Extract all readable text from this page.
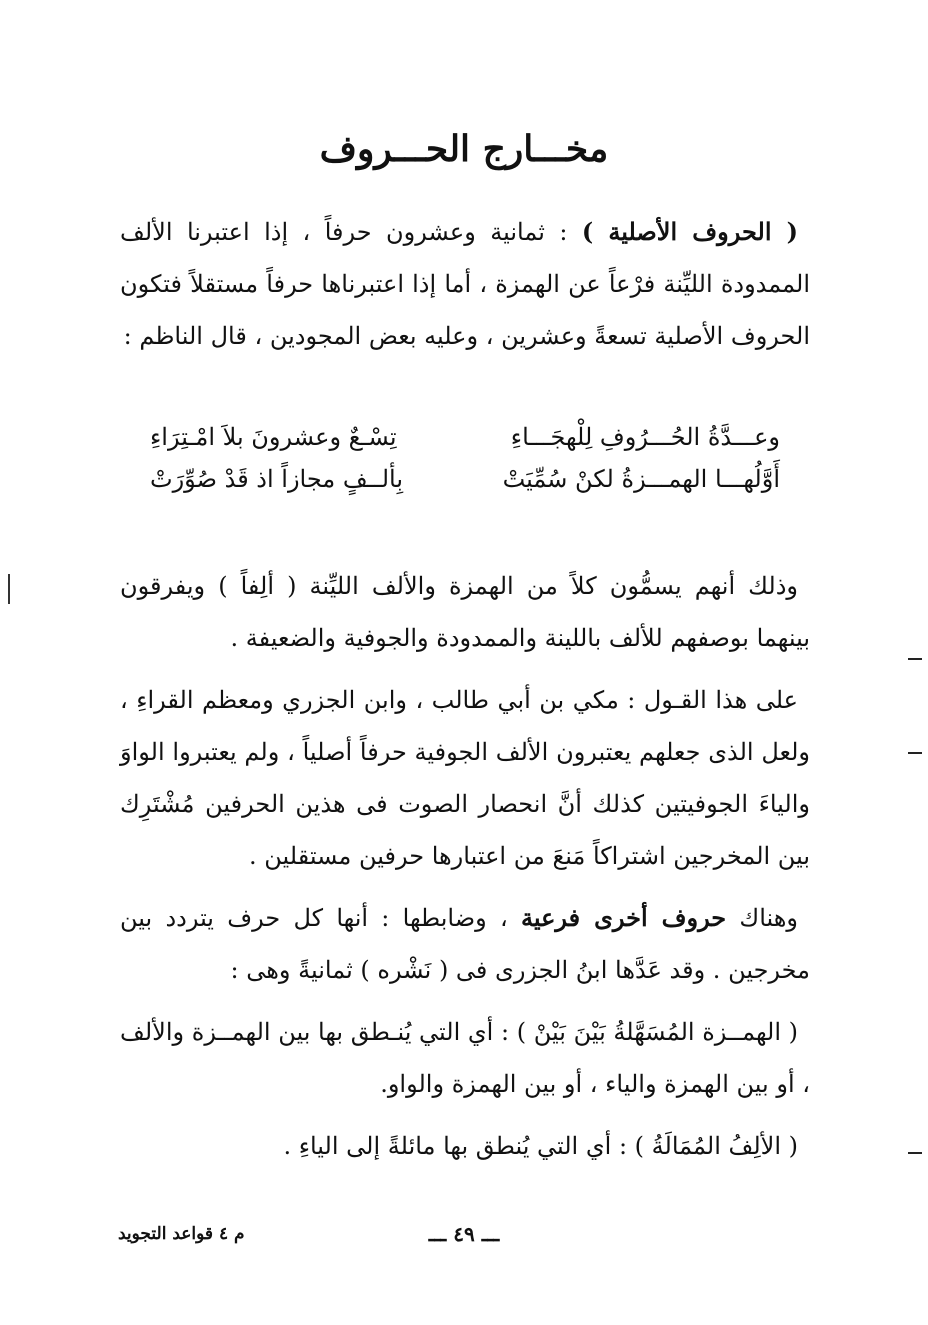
مخـــارج الحـــروف

( الحروف الأصلية ) : ثمانية وعشرون حرفاً ، إذا اعتبرنا الألف الممدودة الليِّنة فرْعاً عن الهمزة ، أما إذا اعتبرناها حرفاً مستقلاً فتكون الحروف الأصلية تسعةً وعشرين ، وعليه بعض المجودين ، قال الناظم :

وعـــدَّةُ الحُـــرُوفِ لِلْهجَـــاءِ
تِسْـعٌ وعشرونَ بلاَ امْـتِرَاءِ
أَوَّلُهـــا الهمـــزةُ لكنْ سُمِّيَتْ
بِألــفٍ مجازاً اذ قَدْ صُوِّرَتْ

وذلك أنهم يسمُّون كلاً من الهمزة والألف الليِّنة ( ألِفاً ) ويفرقون بينهما بوصفهم للألف باللينة والممدودة والجوفية والضعيفة .

على هذا القـول : مكي بن أبي طالب ، وابن الجزري ومعظم القراءِ ، ولعل الذى جعلهم يعتبرون الألف الجوفية حرفاً أصلياً ، ولم يعتبروا الواوَ والياءَ الجوفيتين كذلك أنَّ انحصار الصوت فى هذين الحرفين مُشْتَرِك بين المخرجين اشتراكاً مَنعَ من اعتبارها حرفين مستقلين .

وهناك حروف أخرى فرعية ، وضابطها : أنها كل حرف يتردد بين مخرجين . وقد عَدَّها ابنُ الجزرى فى ( نَشْره ) ثمانيةً وهى :

( الهمــزة المُسَهَّلةُ بَيْنَ بَيْنْ ) : أي التي يُنـطق بها بين الهمــزة والألف ، أو بين الهمزة والياء ، أو بين الهمزة والواو.

( الألِفُ المُمَالَةُ ) : أي التي يُنطق بها مائلةً إلى الياءِ .

ـــ ٤٩ ـــ
م ٤ قواعد التجويد
